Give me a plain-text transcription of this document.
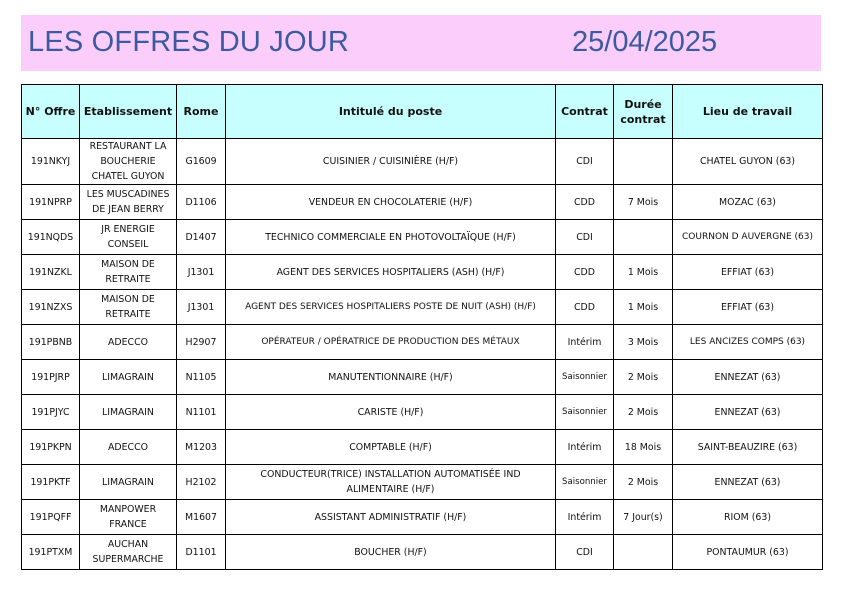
LES OFFRES DU JOUR	25/04/2025
N° Offre	Etablissement	Rome	Intitulé du poste	Contrat	Durée contrat	Lieu de travail
191NKYJ	RESTAURANT LA BOUCHERIE CHATEL GUYON	G1609	CUISINIER / CUISINIÈRE (H/F)	CDI		CHATEL GUYON (63)
191NPRP	LES MUSCADINES DE JEAN BERRY	D1106	VENDEUR EN CHOCOLATERIE (H/F)	CDD	7 Mois	MOZAC (63)
191NQDS	JR ENERGIE CONSEIL	D1407	TECHNICO COMMERCIALE EN PHOTOVOLTAÏQUE (H/F)	CDI		COURNON D AUVERGNE (63)
191NZKL	MAISON DE RETRAITE	J1301	AGENT DES SERVICES HOSPITALIERS (ASH) (H/F)	CDD	1 Mois	EFFIAT (63)
191NZXS	MAISON DE RETRAITE	J1301	AGENT DES SERVICES HOSPITALIERS POSTE DE NUIT (ASH) (H/F)	CDD	1 Mois	EFFIAT (63)
191PBNB	ADECCO	H2907	OPÉRATEUR / OPÉRATRICE DE PRODUCTION DES MÉTAUX	Intérim	3 Mois	LES ANCIZES COMPS (63)
191PJRP	LIMAGRAIN	N1105	MANUTENTIONNAIRE (H/F)	Saisonnier	2 Mois	ENNEZAT (63)
191PJYC	LIMAGRAIN	N1101	CARISTE (H/F)	Saisonnier	2 Mois	ENNEZAT (63)
191PKPN	ADECCO	M1203	COMPTABLE (H/F)	Intérim	18 Mois	SAINT-BEAUZIRE (63)
191PKTF	LIMAGRAIN	H2102	CONDUCTEUR(TRICE) INSTALLATION AUTOMATISÉE IND ALIMENTAIRE (H/F)	Saisonnier	2 Mois	ENNEZAT (63)
191PQFF	MANPOWER FRANCE	M1607	ASSISTANT ADMINISTRATIF (H/F)	Intérim	7 Jour(s)	RIOM (63)
191PTXM	AUCHAN SUPERMARCHE	D1101	BOUCHER (H/F)	CDI		PONTAUMUR (63)
